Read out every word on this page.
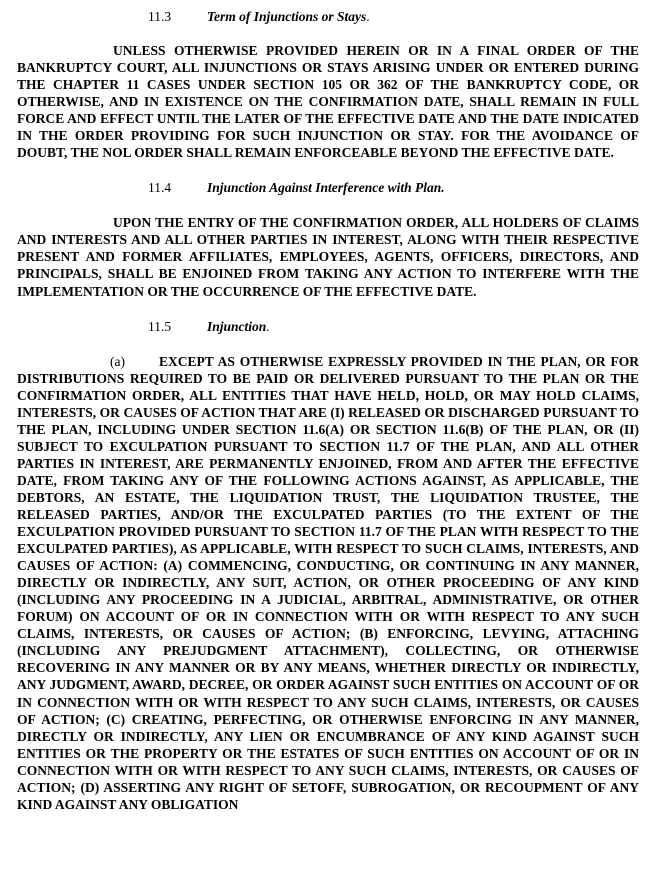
11.3	Term of Injunctions or Stays.

UNLESS OTHERWISE PROVIDED HEREIN OR IN A FINAL ORDER OF THE BANKRUPTCY COURT, ALL INJUNCTIONS OR STAYS ARISING UNDER OR ENTERED DURING THE CHAPTER 11 CASES UNDER SECTION 105 OR 362 OF THE BANKRUPTCY CODE, OR OTHERWISE, AND IN EXISTENCE ON THE CONFIRMATION DATE, SHALL REMAIN IN FULL FORCE AND EFFECT UNTIL THE LATER OF THE EFFECTIVE DATE AND THE DATE INDICATED IN THE ORDER PROVIDING FOR SUCH INJUNCTION OR STAY. FOR THE AVOIDANCE OF DOUBT, THE NOL ORDER SHALL REMAIN ENFORCEABLE BEYOND THE EFFECTIVE DATE.

11.4	Injunction Against Interference with Plan.

UPON THE ENTRY OF THE CONFIRMATION ORDER, ALL HOLDERS OF CLAIMS AND INTERESTS AND ALL OTHER PARTIES IN INTEREST, ALONG WITH THEIR RESPECTIVE PRESENT AND FORMER AFFILIATES, EMPLOYEES, AGENTS, OFFICERS, DIRECTORS, AND PRINCIPALS, SHALL BE ENJOINED FROM TAKING ANY ACTION TO INTERFERE WITH THE IMPLEMENTATION OR THE OCCURRENCE OF THE EFFECTIVE DATE.

11.5	Injunction.

(a)	EXCEPT AS OTHERWISE EXPRESSLY PROVIDED IN THE PLAN, OR FOR DISTRIBUTIONS REQUIRED TO BE PAID OR DELIVERED PURSUANT TO THE PLAN OR THE CONFIRMATION ORDER, ALL ENTITIES THAT HAVE HELD, HOLD, OR MAY HOLD CLAIMS, INTERESTS, OR CAUSES OF ACTION THAT ARE (I) RELEASED OR DISCHARGED PURSUANT TO THE PLAN, INCLUDING UNDER SECTION 11.6(A) OR SECTION 11.6(B) OF THE PLAN, OR (II) SUBJECT TO EXCULPATION PURSUANT TO SECTION 11.7 OF THE PLAN, AND ALL OTHER PARTIES IN INTEREST, ARE PERMANENTLY ENJOINED, FROM AND AFTER THE EFFECTIVE DATE, FROM TAKING ANY OF THE FOLLOWING ACTIONS AGAINST, AS APPLICABLE, THE DEBTORS, AN ESTATE, THE LIQUIDATION TRUST, THE LIQUIDATION TRUSTEE, THE RELEASED PARTIES, AND/OR THE EXCULPATED PARTIES (TO THE EXTENT OF THE EXCULPATION PROVIDED PURSUANT TO SECTION 11.7 OF THE PLAN WITH RESPECT TO THE EXCULPATED PARTIES), AS APPLICABLE, WITH RESPECT TO SUCH CLAIMS, INTERESTS, AND CAUSES OF ACTION: (A) COMMENCING, CONDUCTING, OR CONTINUING IN ANY MANNER, DIRECTLY OR INDIRECTLY, ANY SUIT, ACTION, OR OTHER PROCEEDING OF ANY KIND (INCLUDING ANY PROCEEDING IN A JUDICIAL, ARBITRAL, ADMINISTRATIVE, OR OTHER FORUM) ON ACCOUNT OF OR IN CONNECTION WITH OR WITH RESPECT TO ANY SUCH CLAIMS, INTERESTS, OR CAUSES OF ACTION; (B) ENFORCING, LEVYING, ATTACHING (INCLUDING ANY PREJUDGMENT ATTACHMENT), COLLECTING, OR OTHERWISE RECOVERING IN ANY MANNER OR BY ANY MEANS, WHETHER DIRECTLY OR INDIRECTLY, ANY JUDGMENT, AWARD, DECREE, OR ORDER AGAINST SUCH ENTITIES ON ACCOUNT OF OR IN CONNECTION WITH OR WITH RESPECT TO ANY SUCH CLAIMS, INTERESTS, OR CAUSES OF ACTION; (C) CREATING, PERFECTING, OR OTHERWISE ENFORCING IN ANY MANNER, DIRECTLY OR INDIRECTLY, ANY LIEN OR ENCUMBRANCE OF ANY KIND AGAINST SUCH ENTITIES OR THE PROPERTY OR THE ESTATES OF SUCH ENTITIES ON ACCOUNT OF OR IN CONNECTION WITH OR WITH RESPECT TO ANY SUCH CLAIMS, INTERESTS, OR CAUSES OF ACTION; (D) ASSERTING ANY RIGHT OF SETOFF, SUBROGATION, OR RECOUPMENT OF ANY KIND AGAINST ANY OBLIGATION
